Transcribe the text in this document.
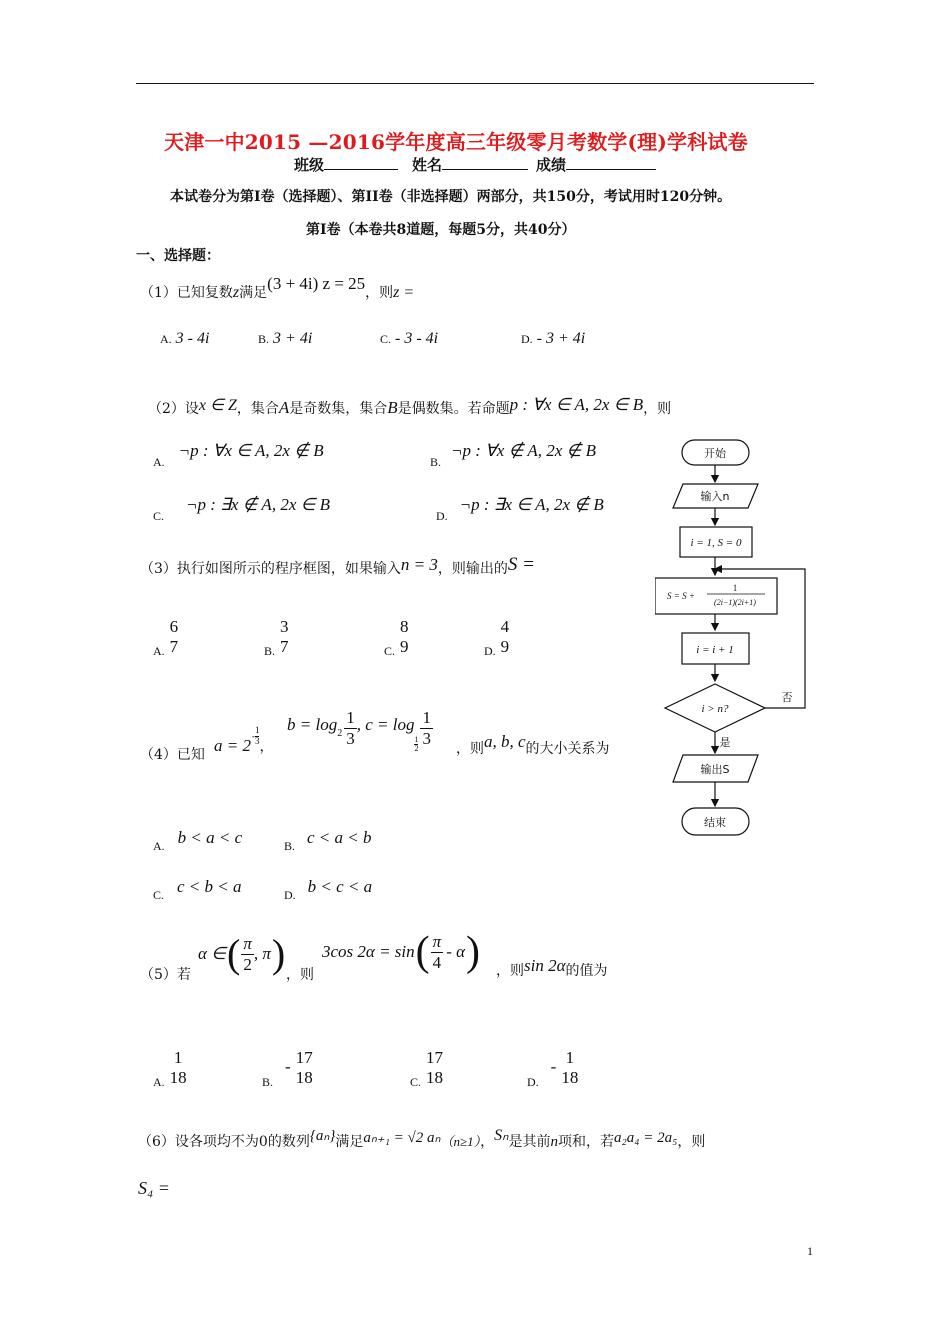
天津一中2015 —2016学年度高三年级零月考数学(理)学科试卷
班级	姓名	成绩
本试卷分为第I卷（选择题）、第II卷（非选择题）两部分，共150分，考试用时120分钟。
第Ⅰ卷（本卷共8道题，每题5分，共40分）
一、选择题：
（1）已知复数z满足(3 + 4i) z = 25，则z =
A. 3 - 4i	B. 3 + 4i	C. - 3 - 4i	D. - 3 + 4i
（2）设x ∈ Z，集合A是奇数集，集合B是偶数集。若命题p : ∀x ∈ A, 2x ∈ B，则
A.¬p : ∀x ∈ A, 2x ∉ B
B.¬p : ∀x ∉ A, 2x ∉ B
C.¬p : ∃x ∉ A, 2x ∈ B
D.¬p : ∃x ∈ A, 2x ∉ B
（3）执行如图所示的程序框图，如果输入n = 3，则输出的S =
A.
6
7	B.
3
7	C.
8
9	D.
4
9
（4）已知 $a = 2- \frac{1}{3}$
，
$b = \log_2 \frac{1}{3}$ , c = log
$\frac{1}{2} \frac{1}{3}$
，则a, b, c的大小关系为
A. b < a < c	B. c < a < b
C. c < b < a	D. b < c < a
（5）若
α ∈ ( $\frac{\pi}{2}$ , π ) ，则
3cos 2α = sin ( $\frac{\pi}{4}$ - α ) ，则sin 2α的值为
A.
1
18	B.- 17
18	C.
17
18	D.- 1
18
（6）设各项均不为0的数列{aₙ}满足aₙ₊₁ = √2 aₙ（n≥1），Sₙ是其前n项和，若a₂a₄ = 2a₅，则
S₄ =
开始
输入n
i = 1, S = 0
S = S +
1
(2i−1)(2i+1)
i = i + 1
i > n?
是
否
输出S
结束
1
